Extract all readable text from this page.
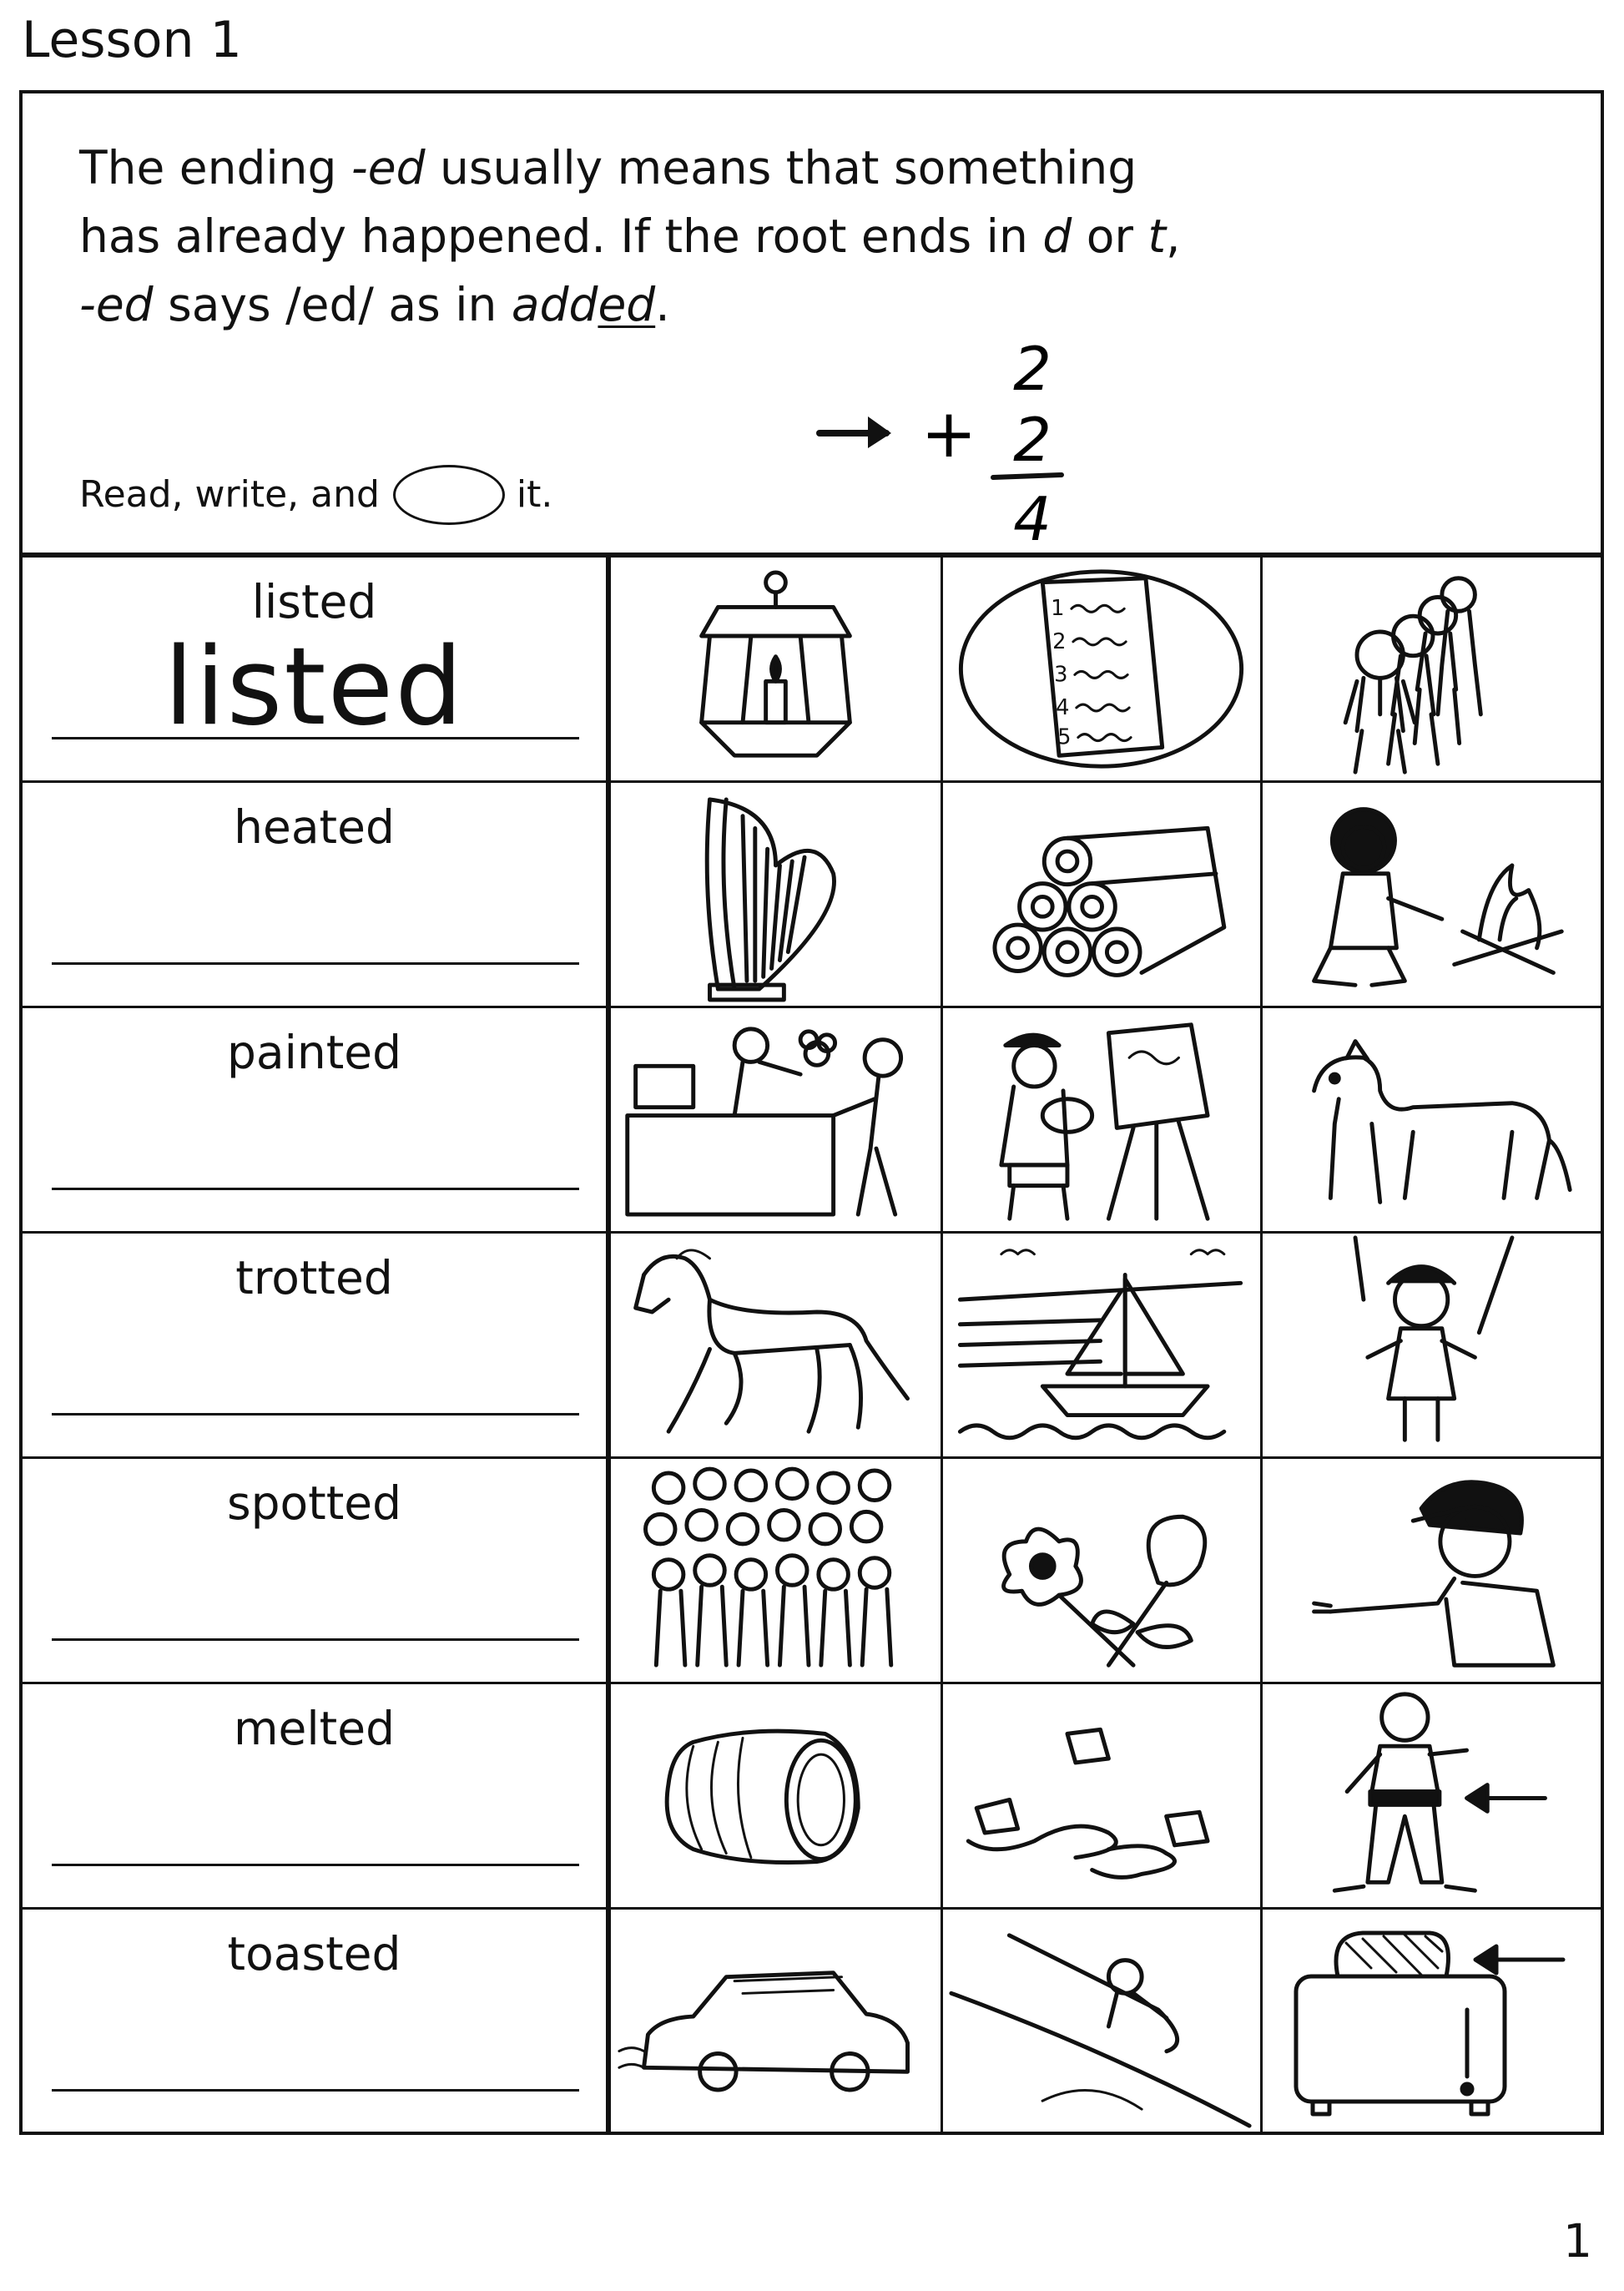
Lesson 1

The ending -ed usually means that something
has already happened. If the root ends in d or t,
-ed says /ed/ as in added.

+
2
2
4
Read, write, and	it.
listed
listed
1
2
3
4
5
heated
painted
trotted
spotted
melted
toasted
1
